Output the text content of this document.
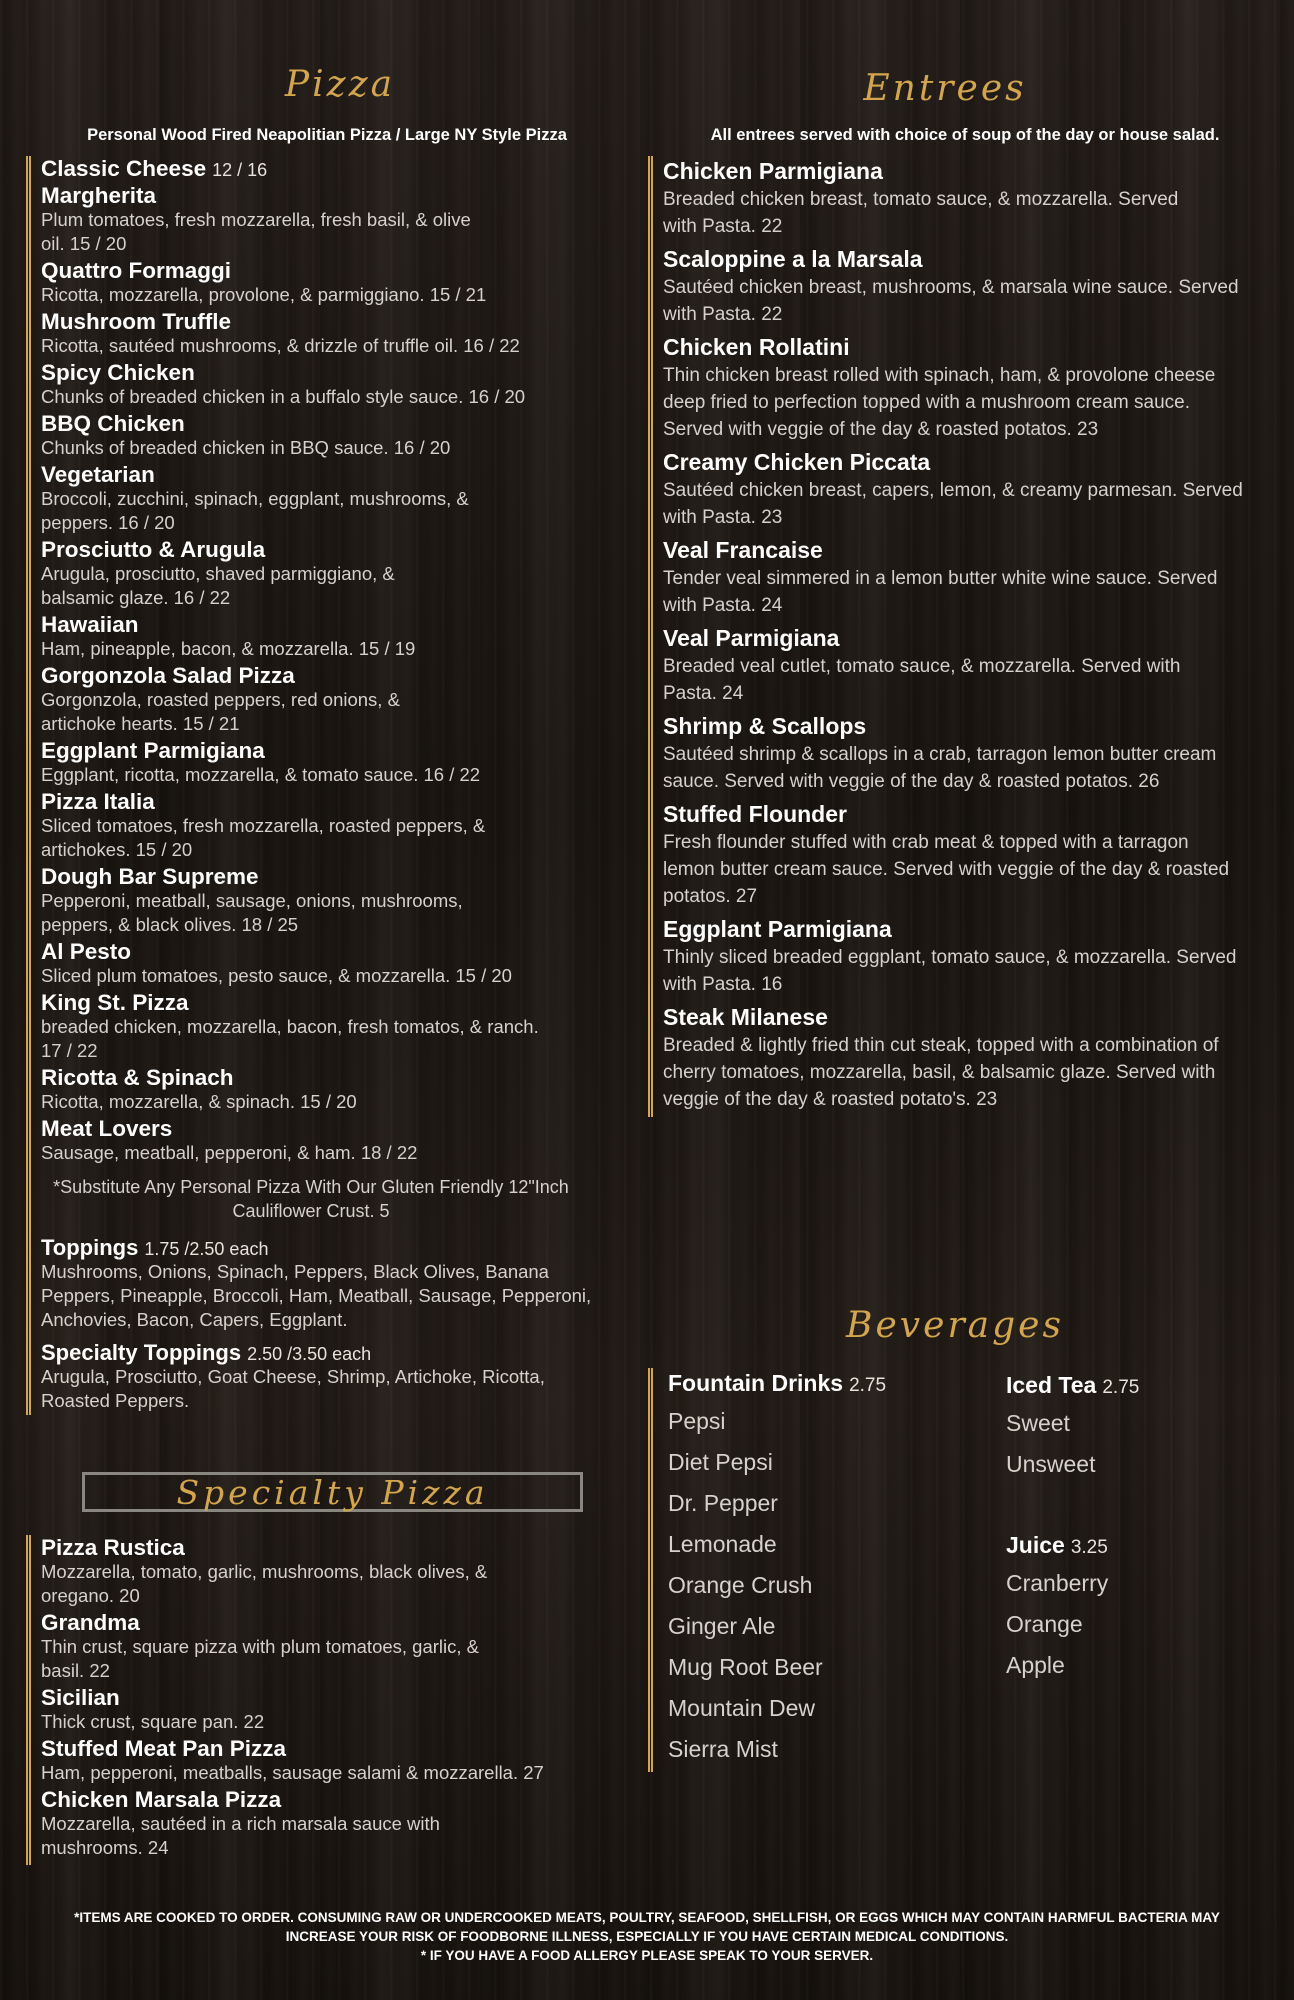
Pizza
Personal Wood Fired Neapolitian Pizza / Large NY Style Pizza
Classic Cheese 12 / 16
Margherita
Plum tomatoes, fresh mozzarella, fresh basil, & olive oil. 15 / 20
Quattro Formaggi
Ricotta, mozzarella, provolone, & parmiggiano. 15 / 21
Mushroom Truffle
Ricotta, sautéed mushrooms, & drizzle of truffle oil. 16 / 22
Spicy Chicken
Chunks of breaded chicken in a buffalo style sauce. 16 / 20
BBQ Chicken
Chunks of breaded chicken in BBQ sauce. 16 / 20
Vegetarian
Broccoli, zucchini, spinach, eggplant, mushrooms, & peppers. 16 / 20
Prosciutto & Arugula
Arugula, prosciutto, shaved parmiggiano, & balsamic glaze. 16 / 22
Hawaiian
Ham, pineapple, bacon, & mozzarella. 15 / 19
Gorgonzola Salad Pizza
Gorgonzola, roasted peppers, red onions, & artichoke hearts. 15 / 21
Eggplant Parmigiana
Eggplant, ricotta, mozzarella, & tomato sauce. 16 / 22
Pizza Italia
Sliced tomatoes, fresh mozzarella, roasted peppers, & artichokes. 15 / 20
Dough Bar Supreme
Pepperoni, meatball, sausage, onions, mushrooms, peppers, & black olives. 18 / 25
Al Pesto
Sliced plum tomatoes, pesto sauce, & mozzarella. 15 / 20
King St. Pizza
breaded chicken, mozzarella, bacon, fresh tomatos, & ranch. 17 / 22
Ricotta & Spinach
Ricotta, mozzarella, & spinach. 15 / 20
Meat Lovers
Sausage, meatball, pepperoni, & ham. 18 / 22
*Substitute Any Personal Pizza With Our Gluten Friendly 12"Inch Cauliflower Crust. 5
Toppings 1.75 /2.50 each
Mushrooms, Onions, Spinach, Peppers, Black Olives, Banana Peppers, Pineapple, Broccoli, Ham, Meatball, Sausage, Pepperoni, Anchovies, Bacon, Capers, Eggplant.
Specialty Toppings 2.50 /3.50 each
Arugula, Prosciutto, Goat Cheese, Shrimp, Artichoke, Ricotta, Roasted Peppers.
Specialty Pizza
Pizza Rustica
Mozzarella, tomato, garlic, mushrooms, black olives, & oregano. 20
Grandma
Thin crust, square pizza with plum tomatoes, garlic, & basil. 22
Sicilian
Thick crust, square pan. 22
Stuffed Meat Pan Pizza
Ham, pepperoni, meatballs, sausage salami & mozzarella. 27
Chicken Marsala Pizza
Mozzarella, sautéed in a rich marsala sauce with mushrooms. 24
Entrees
All entrees served with choice of soup of the day or house salad.
Chicken Parmigiana
Breaded chicken breast, tomato sauce, & mozzarella. Served with Pasta. 22
Scaloppine a la Marsala
Sautéed chicken breast, mushrooms, & marsala wine sauce. Served with Pasta. 22
Chicken Rollatini
Thin chicken breast rolled with spinach, ham, & provolone cheese deep fried to perfection topped with a mushroom cream sauce. Served with veggie of the day & roasted potatos. 23
Creamy Chicken Piccata
Sautéed chicken breast, capers, lemon, & creamy parmesan. Served with Pasta. 23
Veal Francaise
Tender veal simmered in a lemon butter white wine sauce. Served with Pasta. 24
Veal Parmigiana
Breaded veal cutlet, tomato sauce, & mozzarella. Served with Pasta. 24
Shrimp & Scallops
Sautéed shrimp & scallops in a crab, tarragon lemon butter cream sauce. Served with veggie of the day & roasted potatos. 26
Stuffed Flounder
Fresh flounder stuffed with crab meat & topped with a tarragon lemon butter cream sauce. Served with veggie of the day & roasted potatos. 27
Eggplant Parmigiana
Thinly sliced breaded eggplant, tomato sauce, & mozzarella. Served with Pasta. 16
Steak Milanese
Breaded & lightly fried thin cut steak, topped with a combination of cherry tomatoes, mozzarella, basil, & balsamic glaze. Served with veggie of the day & roasted potato's. 23
Beverages
Fountain Drinks 2.75
Pepsi
Diet Pepsi
Dr. Pepper
Lemonade
Orange Crush
Ginger Ale
Mug Root Beer
Mountain Dew
Sierra Mist
Iced Tea 2.75
Sweet
Unsweet
Juice 3.25
Cranberry
Orange
Apple
*ITEMS ARE COOKED TO ORDER. CONSUMING RAW OR UNDERCOOKED MEATS, POULTRY, SEAFOOD, SHELLFISH, OR EGGS WHICH MAY CONTAIN HARMFUL BACTERIA MAY
INCREASE YOUR RISK OF FOODBORNE ILLNESS, ESPECIALLY IF YOU HAVE CERTAIN MEDICAL CONDITIONS.
* IF YOU HAVE A FOOD ALLERGY PLEASE SPEAK TO YOUR SERVER.
